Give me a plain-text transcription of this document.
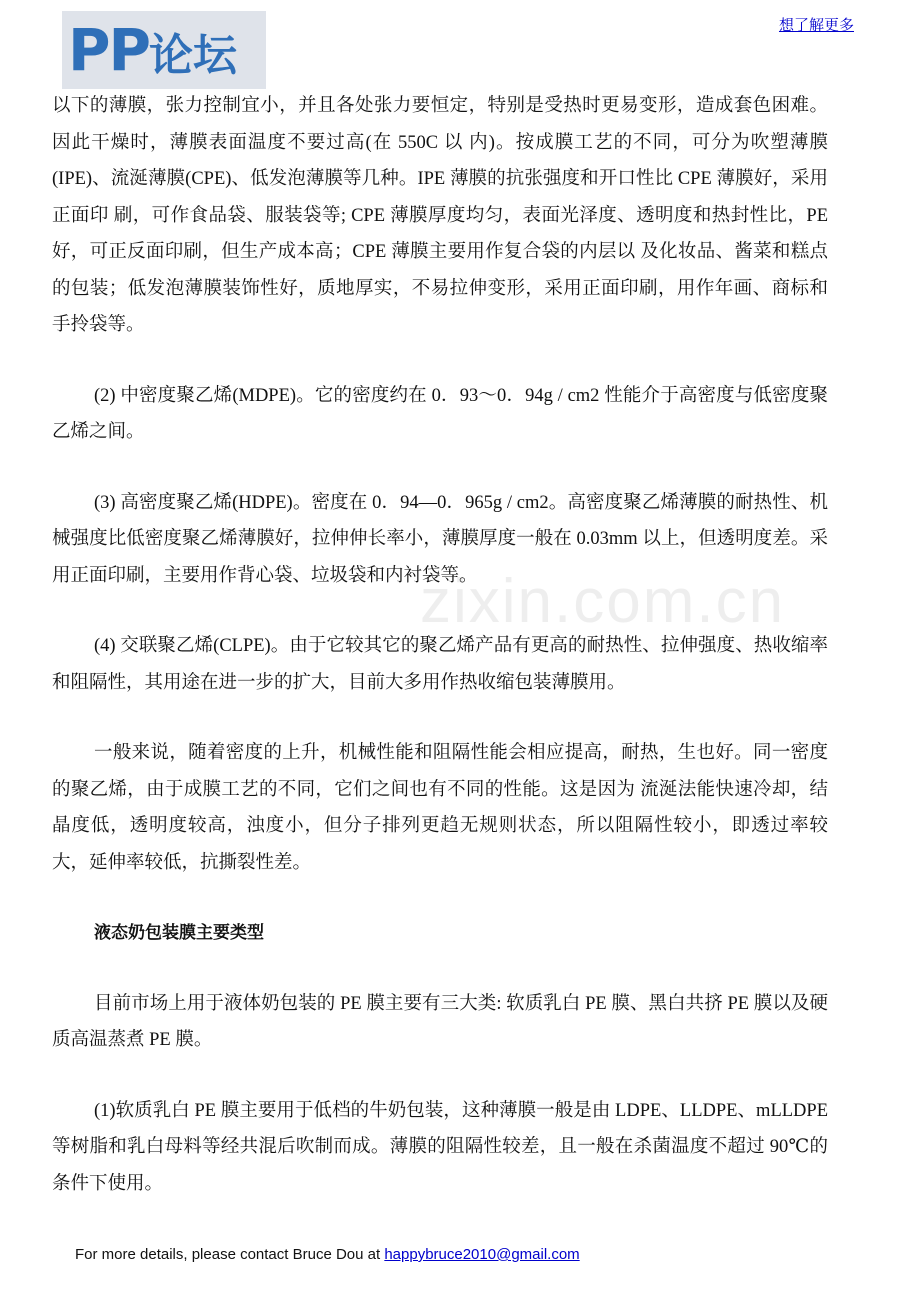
PP论坛
想了解更多
zixin.com.cn

以下的薄膜，张力控制宜小，并且各处张力要恒定，特别是受热时更易变形，造成套色困难。因此干燥时，薄膜表面温度不要过高(在 550C 以 内)。按成膜工艺的不同，可分为吹塑薄膜(IPE)、流涎薄膜(CPE)、低发泡薄膜等几种。IPE 薄膜的抗张强度和开口性比 CPE 薄膜好，采用正面印 刷，可作食品袋、服装袋等; CPE 薄膜厚度均匀，表面光泽度、透明度和热封性比，PE 好，可正反面印刷，但生产成本高；CPE 薄膜主要用作复合袋的内层以 及化妆品、酱菜和糕点的包装；低发泡薄膜装饰性好，质地厚实，不易拉伸变形，采用正面印刷，用作年画、商标和手拎袋等。

(2) 中密度聚乙烯(MDPE)。它的密度约在 0．93～0．94g / cm2 性能介于高密度与低密度聚乙烯之间。

(3) 高密度聚乙烯(HDPE)。密度在 0．94—0．965g / cm2。高密度聚乙烯薄膜的耐热性、机械强度比低密度聚乙烯薄膜好，拉伸伸长率小，薄膜厚度一般在 0.03mm 以上，但透明度差。采用正面印刷，主要用作背心袋、垃圾袋和内衬袋等。

(4) 交联聚乙烯(CLPE)。由于它较其它的聚乙烯产品有更高的耐热性、拉伸强度、热收缩率和阻隔性，其用途在进一步的扩大，目前大多用作热收缩包装薄膜用。

一般来说，随着密度的上升，机械性能和阻隔性能会相应提高，耐热，生也好。同一密度的聚乙烯，由于成膜工艺的不同，它们之间也有不同的性能。这是因为 流涎法能快速冷却，结晶度低，透明度较高，浊度小，但分子排列更趋无规则状态，所以阻隔性较小，即透过率较大，延伸率较低，抗撕裂性差。

液态奶包装膜主要类型

目前市场上用于液体奶包装的 PE 膜主要有三大类: 软质乳白 PE 膜、黑白共挤 PE 膜以及硬质高温蒸煮 PE 膜。

(1)软质乳白 PE 膜主要用于低档的牛奶包装，这种薄膜一般是由 LDPE、LLDPE、mLLDPE 等树脂和乳白母料等经共混后吹制而成。薄膜的阻隔性较差，且一般在杀菌温度不超过 90℃的条件下使用。

For more details, please contact Bruce Dou at happybruce2010@gmail.com
